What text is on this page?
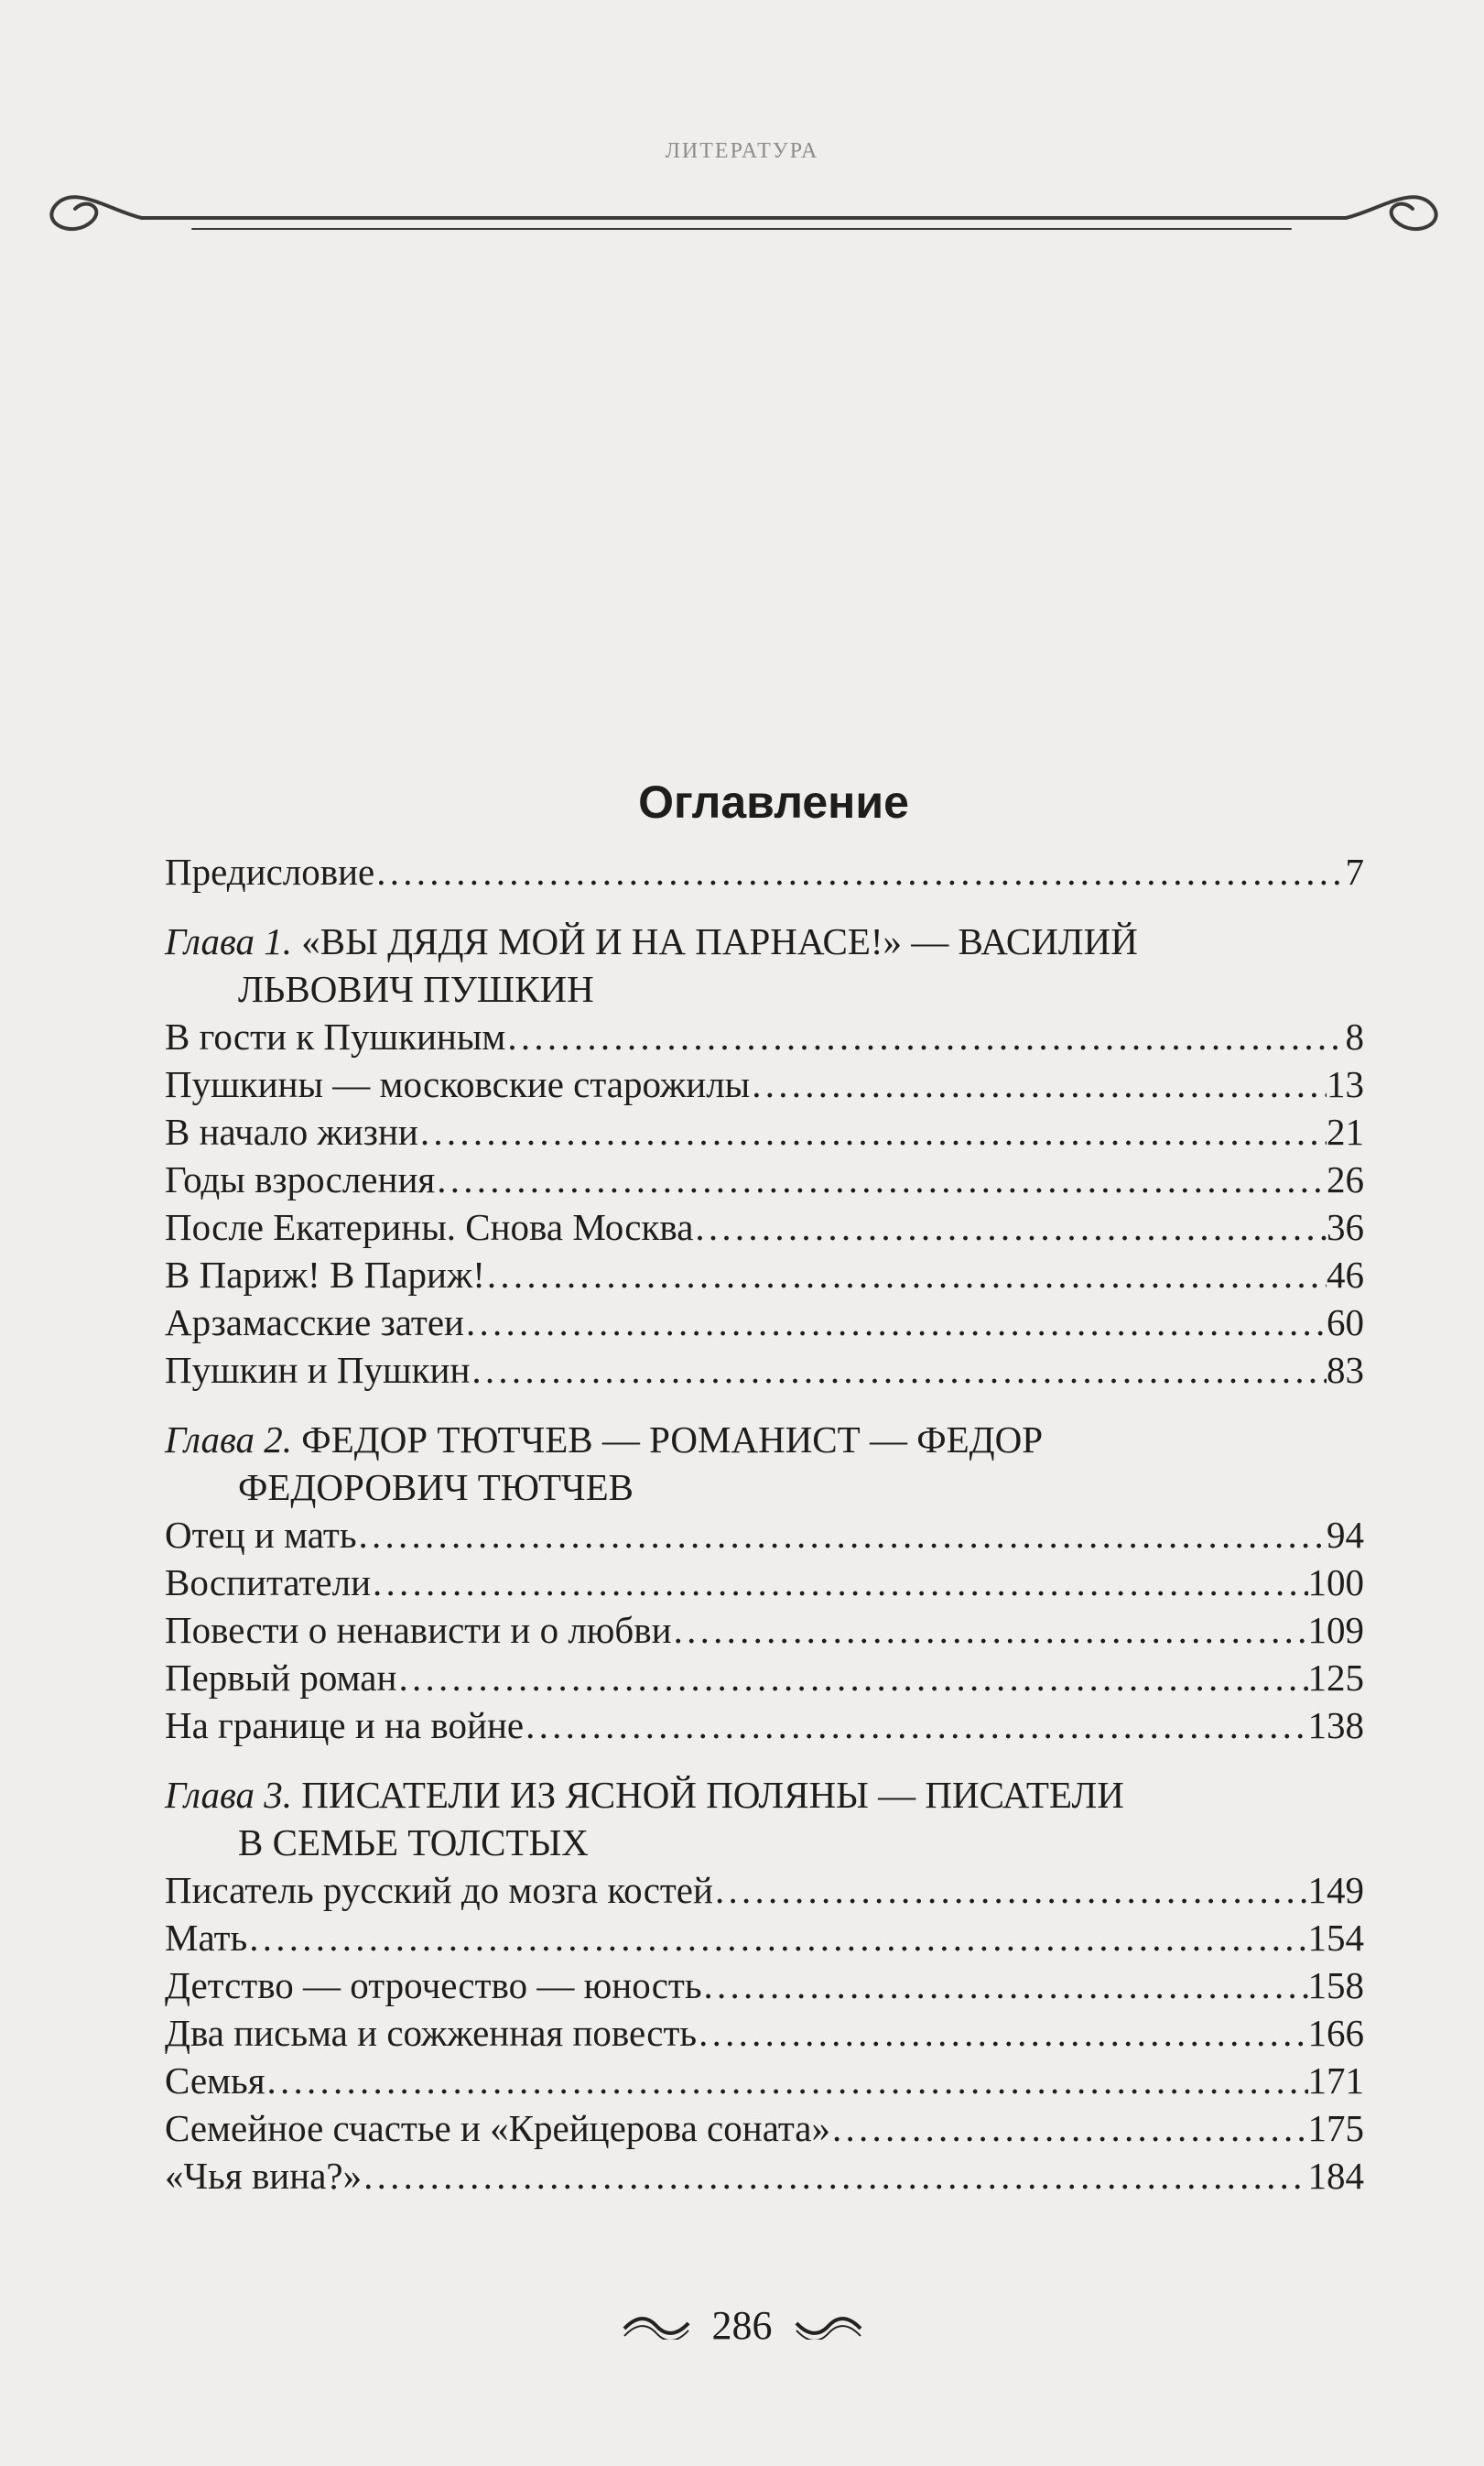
ЛИТЕРАТУРА
Оглавление
Предисловие . . .	7
Глава 1. «ВЫ ДЯДЯ МОЙ И НА ПАРНАСЕ!» — ВАСИЛИЙ
ЛЬВОВИЧ ПУШКИН
В гости к Пушкиным . . .	8
Пушкины — московские старожилы . . .	13
В начало жизни . . .	21
Годы взросления . . .	26
После Екатерины. Снова Москва . . .	36
В Париж! В Париж! . . .	46
Арзамасские затеи . . .	60
Пушкин и Пушкин . . .	83
Глава 2. ФЕДОР ТЮТЧЕВ — РОМАНИСТ — ФЕДОР
ФЕДОРОВИЧ ТЮТЧЕВ
Отец и мать . . .	94
Воспитатели . . .	100
Повести о ненависти и о любви . . .	109
Первый роман . . .	125
На границе и на войне . . .	138
Глава 3. ПИСАТЕЛИ ИЗ ЯСНОЙ ПОЛЯНЫ — ПИСАТЕЛИ
В СЕМЬЕ ТОЛСТЫХ
Писатель русский до мозга костей . . .	149
Мать . . .	154
Детство — отрочество — юность . . .	158
Два письма и сожженная повесть . . .	166
Семья . . .	171
Семейное счастье и «Крейцерова соната» . . .	175
«Чья вина?» . . .	184
286
